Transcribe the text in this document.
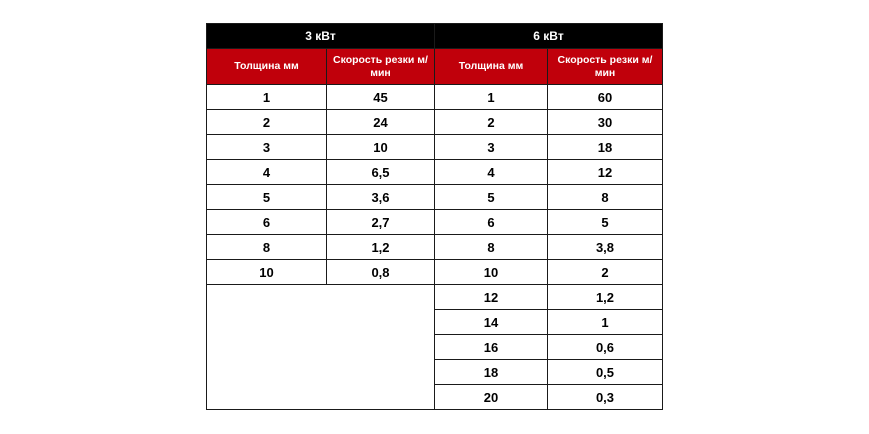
3 кВт		6 кВт	
Толщина мм	Скорость резки м/мин	Толщина мм	Скорость резки м/мин
1	45	1	60
2	24	2	30
3	10	3	18
4	6,5	4	12
5	3,6	5	8
6	2,7	6	5
8	1,2	8	3,8
10	0,8	10	2
		12	1,2
		14	1
		16	0,6
		18	0,5
		20	0,3
